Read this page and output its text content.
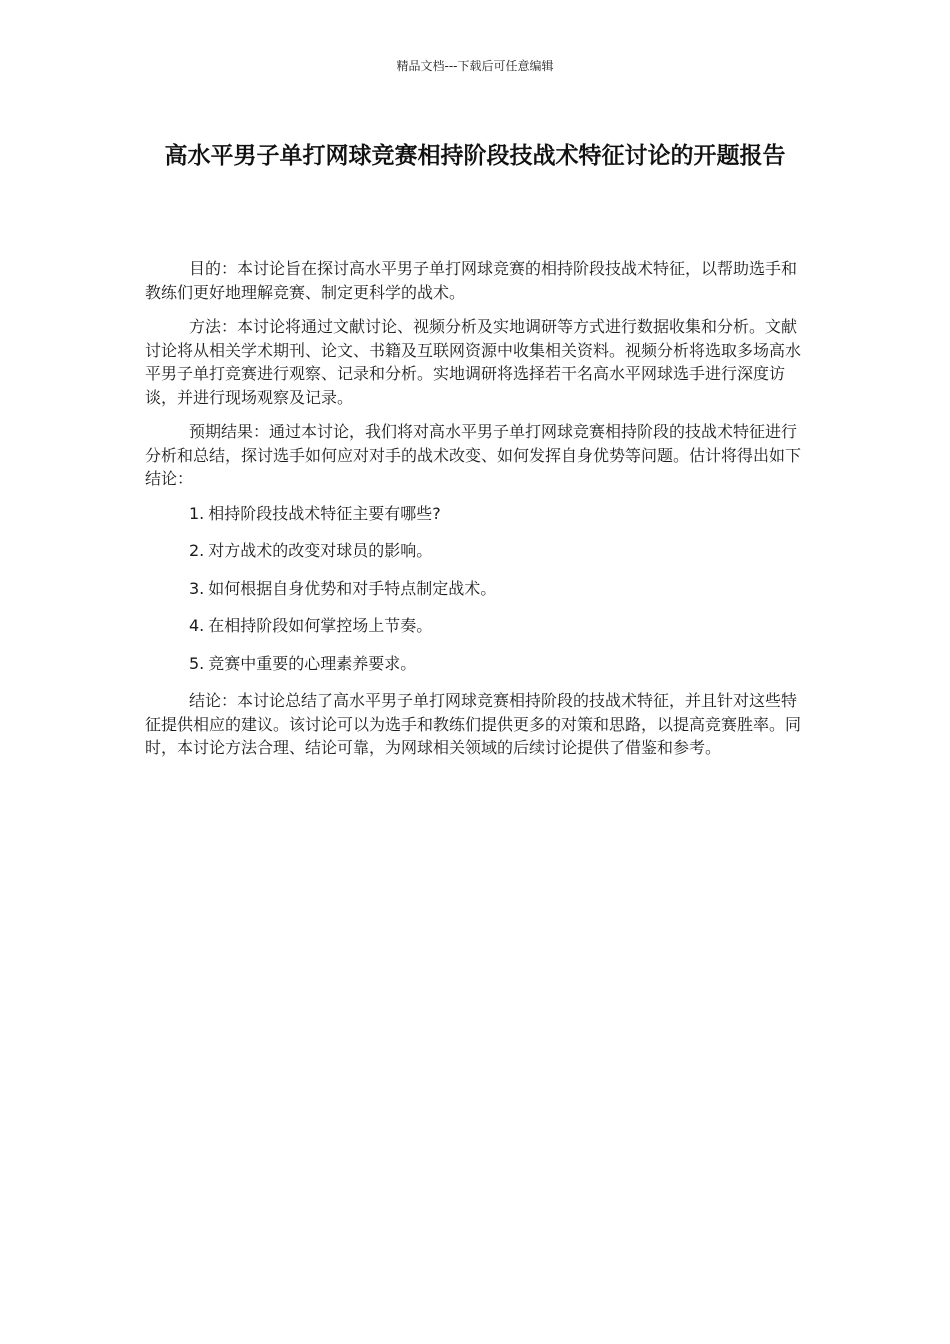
精品文档---下载后可任意编辑
高水平男子单打网球竞赛相持阶段技战术特征讨论的开题报告

目的：本讨论旨在探讨高水平男子单打网球竞赛的相持阶段技战术特征，以帮助选手和教练们更好地理解竞赛、制定更科学的战术。

方法：本讨论将通过文献讨论、视频分析及实地调研等方式进行数据收集和分析。文献讨论将从相关学术期刊、论文、书籍及互联网资源中收集相关资料。视频分析将选取多场高水平男子单打竞赛进行观察、记录和分析。实地调研将选择若干名高水平网球选手进行深度访谈，并进行现场观察及记录。

预期结果：通过本讨论，我们将对高水平男子单打网球竞赛相持阶段的技战术特征进行分析和总结，探讨选手如何应对对手的战术改变、如何发挥自身优势等问题。估计将得出如下结论：

1. 相持阶段技战术特征主要有哪些?
2. 对方战术的改变对球员的影响。
3. 如何根据自身优势和对手特点制定战术。
4. 在相持阶段如何掌控场上节奏。
5. 竞赛中重要的心理素养要求。

结论：本讨论总结了高水平男子单打网球竞赛相持阶段的技战术特征，并且针对这些特征提供相应的建议。该讨论可以为选手和教练们提供更多的对策和思路，以提高竞赛胜率。同时，本讨论方法合理、结论可靠，为网球相关领域的后续讨论提供了借鉴和参考。
